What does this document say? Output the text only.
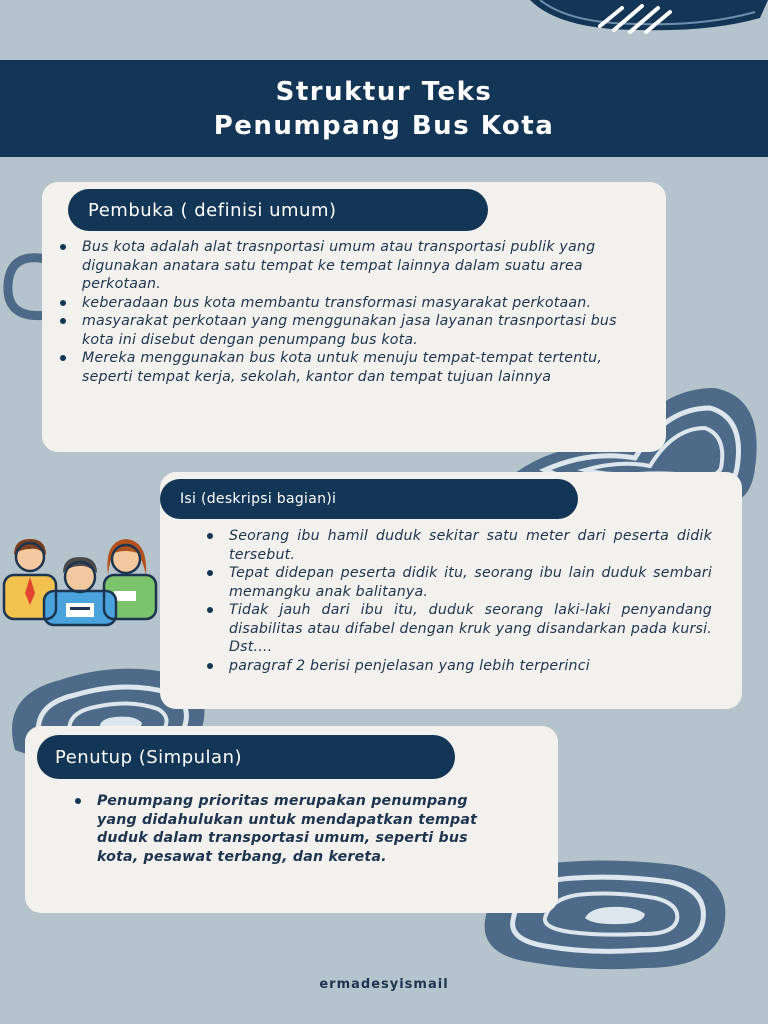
Struktur Teks
Penumpang Bus Kota
Pembuka ( definisi umum)
Bus kota adalah alat trasnportasi umum atau transportasi publik yang digunakan anatara satu tempat ke tempat lainnya dalam suatu area perkotaan.
keberadaan bus kota membantu transformasi masyarakat perkotaan.
masyarakat perkotaan yang menggunakan jasa layanan trasnportasi bus kota ini disebut dengan penumpang bus kota.
Mereka menggunakan bus kota untuk menuju tempat-tempat tertentu, seperti tempat kerja, sekolah, kantor dan tempat tujuan lainnya
Isi (deskripsi bagian)i
Seorang ibu hamil duduk sekitar satu meter dari peserta didik tersebut.
Tepat didepan peserta didik itu, seorang ibu lain duduk sembari memangku anak balitanya.
Tidak jauh dari ibu itu, duduk seorang laki-laki penyandang disabilitas atau difabel dengan kruk yang disandarkan pada kursi. Dst....
paragraf 2 berisi penjelasan yang lebih terperinci
Penutup (Simpulan)
Penumpang prioritas merupakan penumpang yang didahulukan untuk mendapatkan tempat duduk dalam transportasi umum, seperti bus kota, pesawat terbang, dan kereta.
ermadesyismail
